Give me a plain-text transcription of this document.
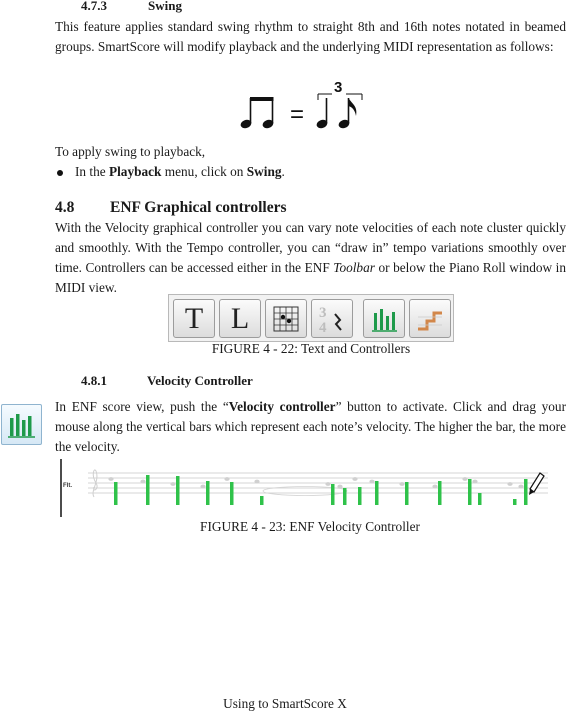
4.7.3	Swing
This feature applies standard swing rhythm to straight 8th and 16th notes notated in beamed groups. SmartScore will modify playback and the underlying MIDI representation as follows:
=
3
To apply swing to playback,
In the Playback menu, click on Swing.
4.8 ENF Graphical controllers
With the Velocity graphical controller you can vary note velocities of each note cluster quickly and smoothly. With the Tempo controller, you can “draw in” tempo variations smoothly over time. Controllers can be accessed either in the ENF Toolbar or below the Piano Roll window in MIDI view.
T L	3
4
FIGURE 4 - 22: Text and Controllers
4.8.1	Velocity Controller
In ENF score view, push the “Velocity controller” button to activate. Click and drag your mouse along the vertical bars which represent each note’s velocity. The higher the bar, the more the velocity.
Flt.
FIGURE 4 - 23: ENF Velocity Controller
Using to SmartScore X
